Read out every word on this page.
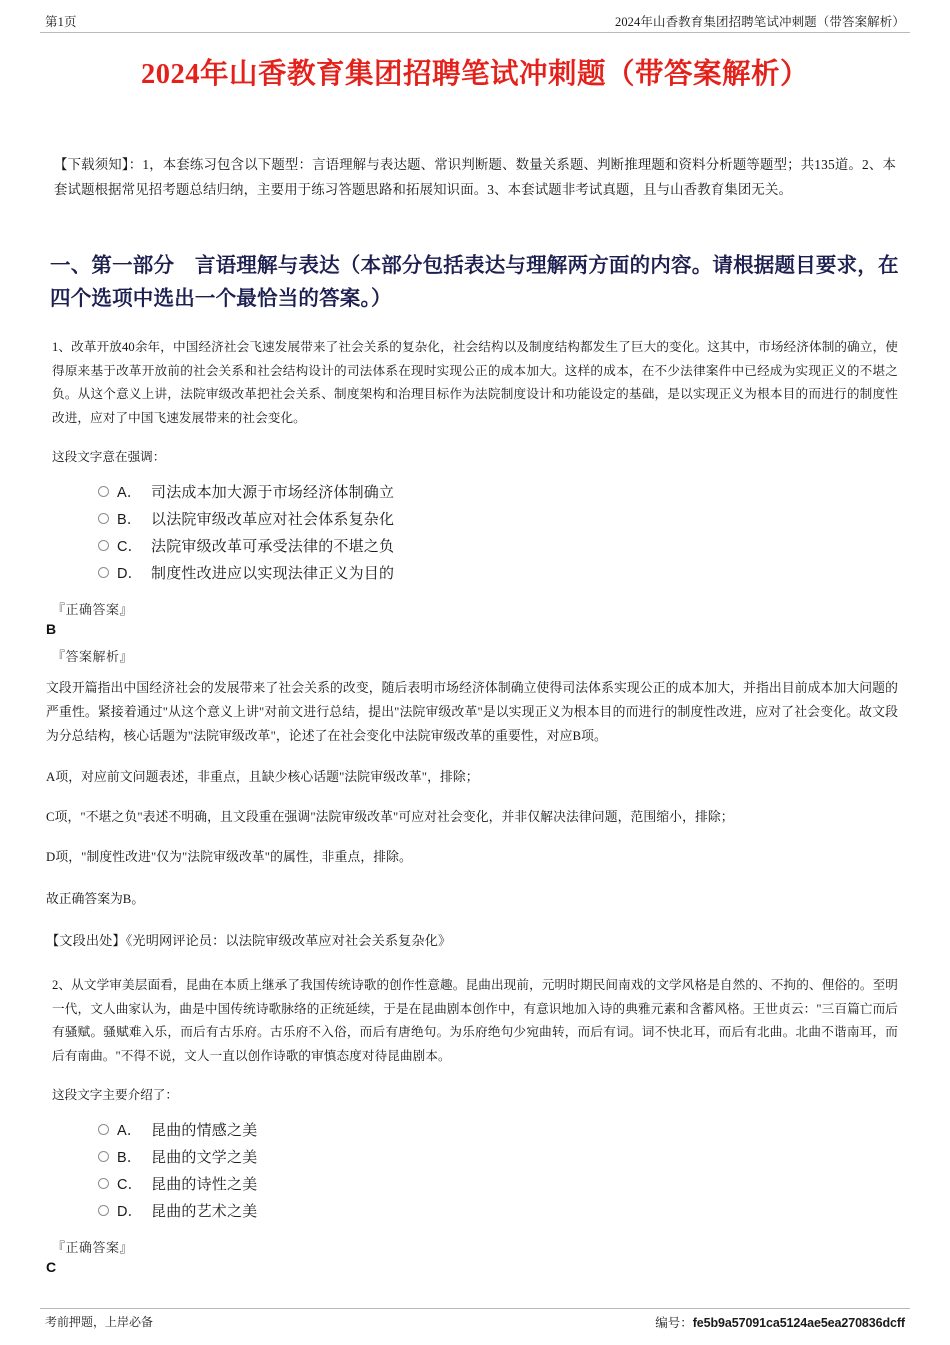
第1页	2024年山香教育集团招聘笔试冲刺题（带答案解析）
2024年山香教育集团招聘笔试冲刺题（带答案解析）

【下载须知】：1，本套练习包含以下题型：言语理解与表达题、常识判断题、数量关系题、判断推理题和资料分析题等题型；共135道。2、本套试题根据常见招考题总结归纳，主要用于练习答题思路和拓展知识面。3、本套试题非考试真题，且与山香教育集团无关。

一、第一部分　言语理解与表达（本部分包括表达与理解两方面的内容。请根据题目要求，在四个选项中选出一个最恰当的答案。）

1、改革开放40余年，中国经济社会飞速发展带来了社会关系的复杂化，社会结构以及制度结构都发生了巨大的变化。这其中，市场经济体制的确立，使得原来基于改革开放前的社会关系和社会结构设计的司法体系在现时实现公正的成本加大。这样的成本，在不少法律案件中已经成为实现正义的不堪之负。从这个意义上讲，法院审级改革把社会关系、制度架构和治理目标作为法院制度设计和功能设定的基础，是以实现正义为根本目的而进行的制度性改进，应对了中国飞速发展带来的社会变化。

这段文字意在强调：

A． 司法成本加大源于市场经济体制确立
B． 以法院审级改革应对社会体系复杂化
C． 法院审级改革可承受法律的不堪之负
D． 制度性改进应以实现法律正义为目的

『正确答案』

B

『答案解析』

文段开篇指出中国经济社会的发展带来了社会关系的改变，随后表明市场经济体制确立使得司法体系实现公正的成本加大，并指出目前成本加大问题的严重性。紧接着通过"从这个意义上讲"对前文进行总结，提出"法院审级改革"是以实现正义为根本目的而进行的制度性改进，应对了社会变化。故文段为分总结构，核心话题为"法院审级改革"，论述了在社会变化中法院审级改革的重要性，对应B项。

A项，对应前文问题表述，非重点，且缺少核心话题"法院审级改革"，排除；

C项，"不堪之负"表述不明确，且文段重在强调"法院审级改革"可应对社会变化，并非仅解决法律问题，范围缩小，排除；

D项，"制度性改进"仅为"法院审级改革"的属性，非重点，排除。

故正确答案为B。

【文段出处】《光明网评论员：以法院审级改革应对社会关系复杂化》

2、从文学审美层面看，昆曲在本质上继承了我国传统诗歌的创作性意趣。昆曲出现前，元明时期民间南戏的文学风格是自然的、不拘的、俚俗的。至明一代，文人曲家认为，曲是中国传统诗歌脉络的正统延续，于是在昆曲剧本创作中，有意识地加入诗的典雅元素和含蓄风格。王世贞云："三百篇亡而后有骚赋。骚赋难入乐，而后有古乐府。古乐府不入俗，而后有唐绝句。为乐府绝句少宛曲转，而后有词。词不快北耳，而后有北曲。北曲不谐南耳，而后有南曲。"不得不说，文人一直以创作诗歌的审慎态度对待昆曲剧本。

这段文字主要介绍了：

A． 昆曲的情感之美
B． 昆曲的文学之美
C． 昆曲的诗性之美
D． 昆曲的艺术之美

『正确答案』

C

考前押题，上岸必备	编号：fe5b9a57091ca5124ae5ea270836dcff
